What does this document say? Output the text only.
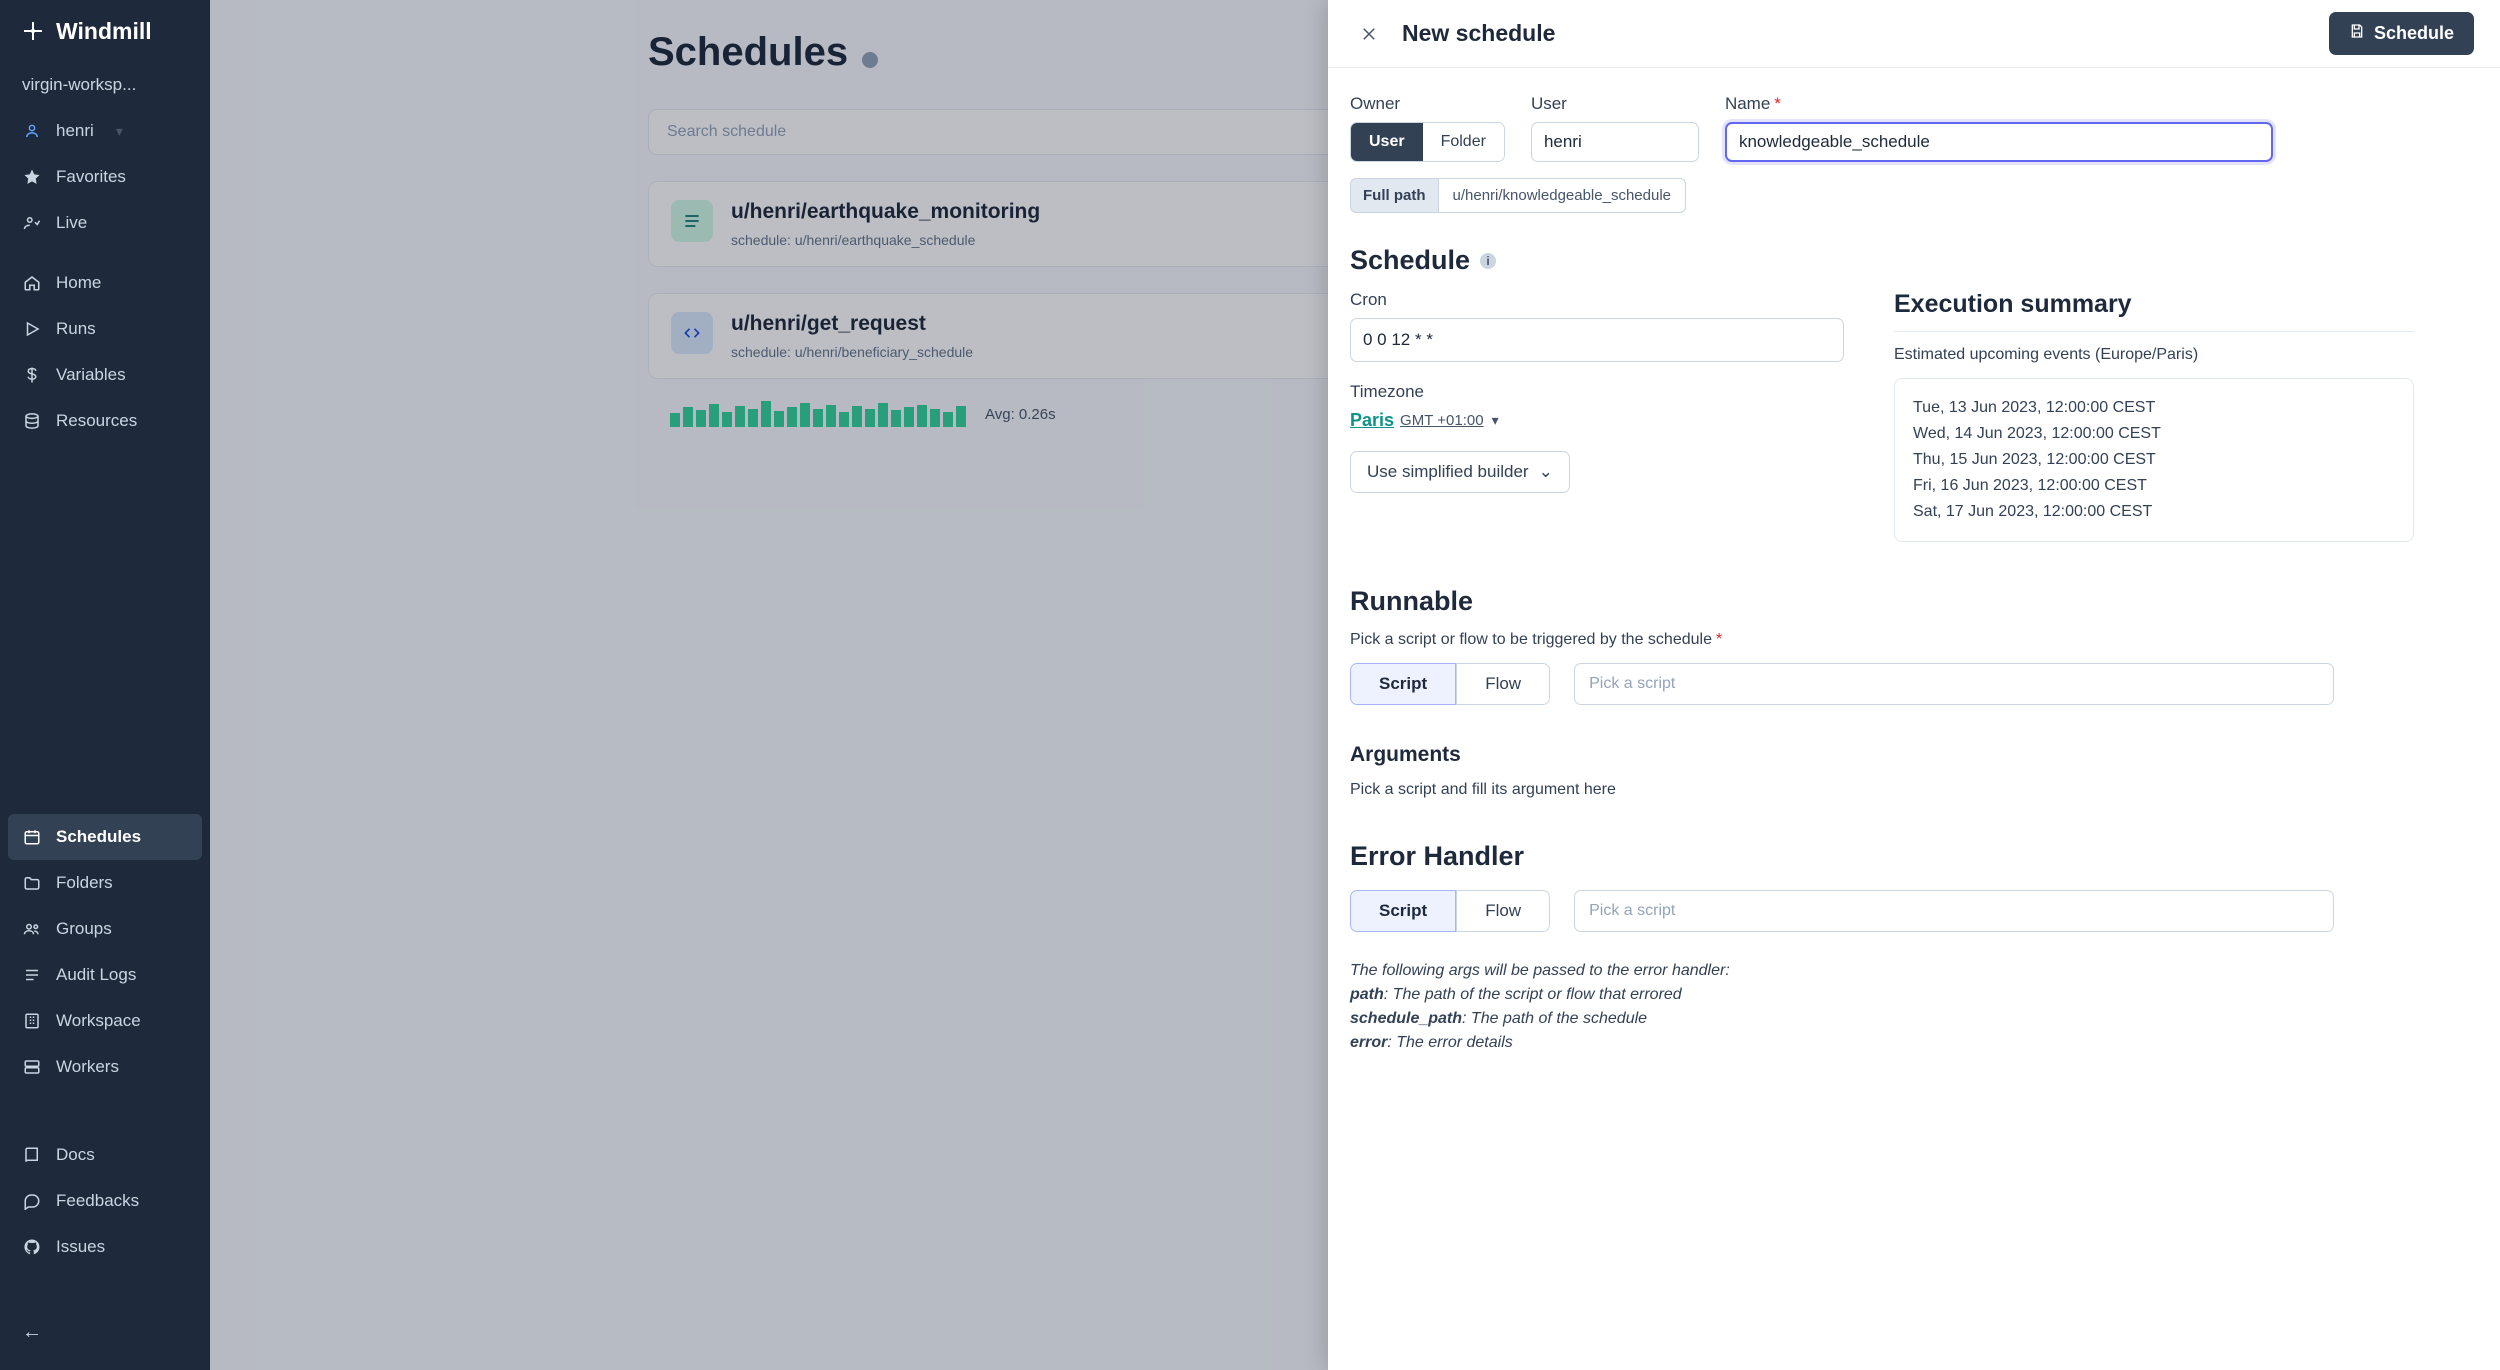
Windmill
virgin-worksp...
henri ▾
Favorites
Live
Home
Runs
Variables
Resources
Schedules
Folders
Groups
Audit Logs
Workspace
Workers
Docs
Feedbacks
Issues
←
Schedules
Search schedule
u/henri/earthquake_monitoring
schedule: u/henri/earthquake_schedule
u/henri/get_request
schedule: u/henri/beneficiary_schedule
Avg: 0.26s
New schedule	Schedule
Owner
User	Folder
User
henri	Name *
knowledgeable_schedule
Full path	u/henri/knowledgeable_schedule
Schedule	i
Cron
0 0 12 * *
Timezone
Paris GMT +01:00 ▾
Use simplified builder ⌄
Execution summary
Estimated upcoming events (Europe/Paris)
Tue, 13 Jun 2023, 12:00:00 CEST
Wed, 14 Jun 2023, 12:00:00 CEST
Thu, 15 Jun 2023, 12:00:00 CEST
Fri, 16 Jun 2023, 12:00:00 CEST
Sat, 17 Jun 2023, 12:00:00 CEST
Runnable
Pick a script or flow to be triggered by the schedule *
Script	Flow	Pick a script
Arguments
Pick a script and fill its argument here
Error Handler
Script	Flow	Pick a script
The following args will be passed to the error handler:
path: The path of the script or flow that errored
schedule_path: The path of the schedule
error: The error details
